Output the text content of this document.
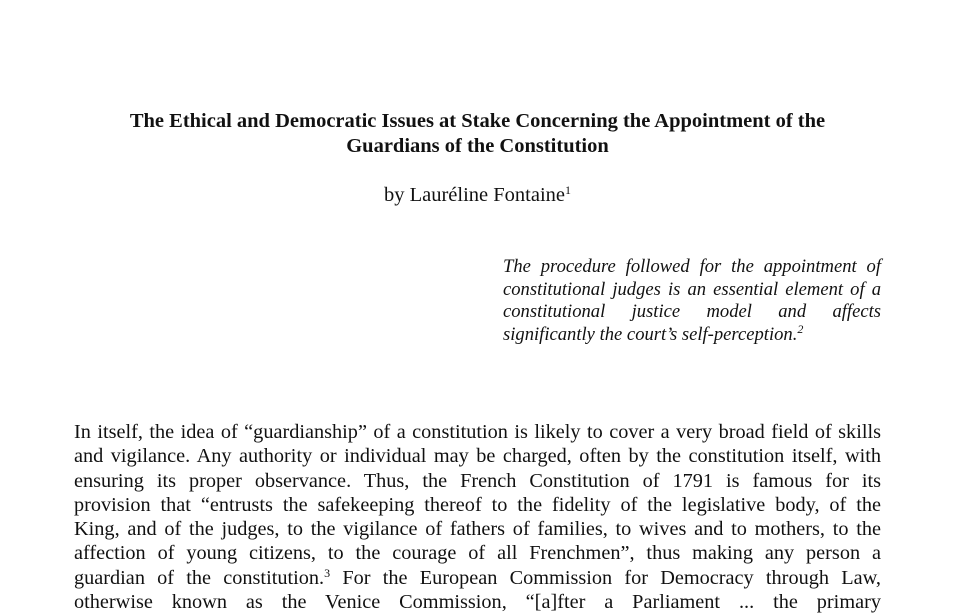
The Ethical and Democratic Issues at Stake Concerning the Appointment of the
Guardians of the Constitution
by Lauréline Fontaine$^1$
The procedure followed for the appointment of
constitutional judges is an essential element of a
constitutional justice model and affects
significantly the court’s self-perception.$^2$
In itself, the idea of “guardianship” of a constitution is likely to cover a very broad field of skills
and vigilance. Any authority or individual may be charged, often by the constitution itself, with
ensuring its proper observance. Thus, the French Constitution of 1791 is famous for its
provision that “entrusts the safekeeping thereof to the fidelity of the legislative body, of the
King, and of the judges, to the vigilance of fathers of families, to wives and to mothers, to the
affection of young citizens, to the courage of all Frenchmen”, thus making any person a
guardian of the constitution.$^3$ For the European Commission for Democracy through Law,
otherwise known as the Venice Commission, “[a]fter a Parliament ... the primary
